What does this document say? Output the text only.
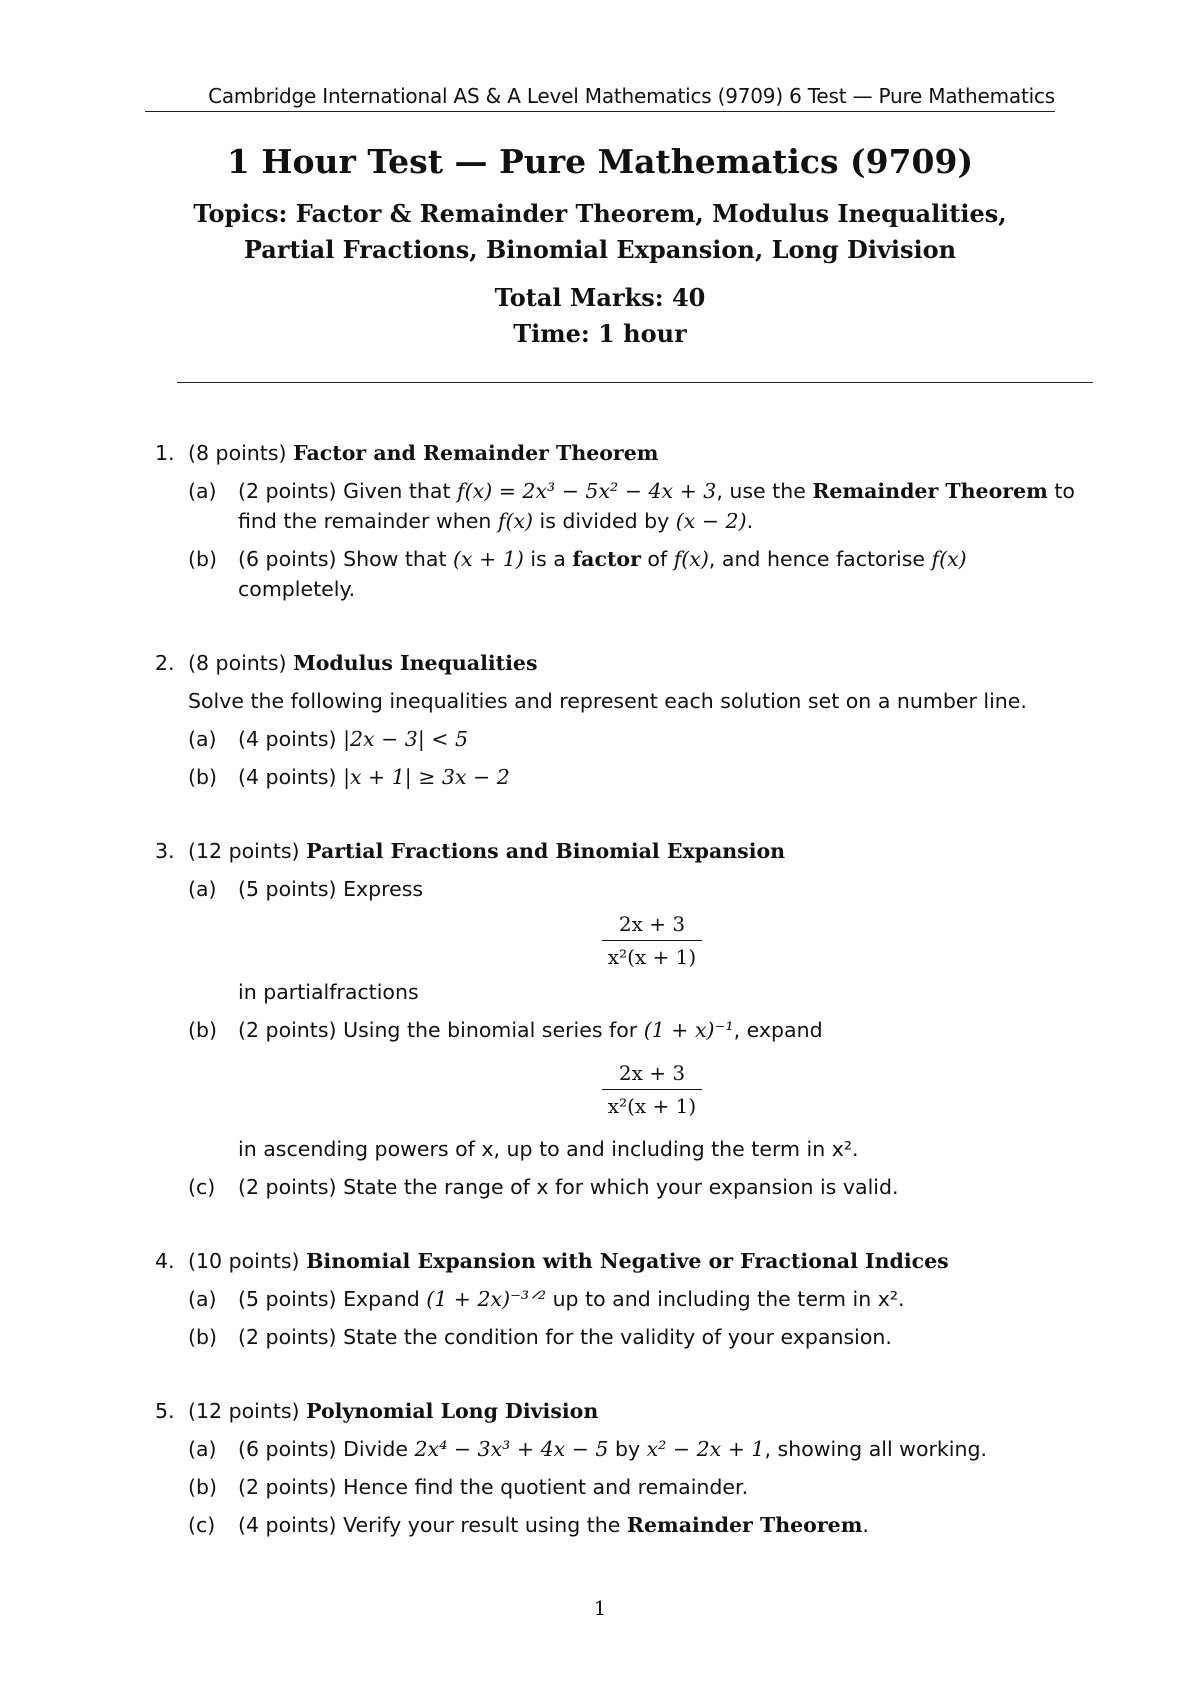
Cambridge International AS & A Level Mathematics (9709) 6 Test — Pure Mathematics
1 Hour Test — Pure Mathematics (9709)
Topics: Factor & Remainder Theorem, Modulus Inequalities,
Partial Fractions, Binomial Expansion, Long Division
Total Marks: 40
Time: 1 hour
1. (8 points) Factor and Remainder Theorem
(a) (2 points) Given that f(x) = 2x³ − 5x² − 4x + 3, use the Remainder Theorem to find the remainder when f(x) is divided by (x − 2).
(b) (6 points) Show that (x + 1) is a factor of f(x), and hence factorise f(x) completely.
2. (8 points) Modulus Inequalities
Solve the following inequalities and represent each solution set on a number line.
(a) (4 points) |2x − 3| < 5
(b) (4 points) |x + 1| ≥ 3x − 2
3. (12 points) Partial Fractions and Binomial Expansion
(a) (5 points) Express
2x + 3
x²(x + 1)
in partialfractions
(b) (2 points) Using the binomial series for (1 + x)⁻¹, expand
2x + 3
x²(x + 1)
in ascending powers of x, up to and including the term in x².
(c) (2 points) State the range of x for which your expansion is valid.
4. (10 points) Binomial Expansion with Negative or Fractional Indices
(a) (5 points) Expand (1 + 2x)⁻³ᐟ² up to and including the term in x².
(b) (2 points) State the condition for the validity of your expansion.
5. (12 points) Polynomial Long Division
(a) (6 points) Divide 2x⁴ − 3x³ + 4x − 5 by x² − 2x + 1, showing all working.
(b) (2 points) Hence find the quotient and remainder.
(c) (4 points) Verify your result using the Remainder Theorem.
1
